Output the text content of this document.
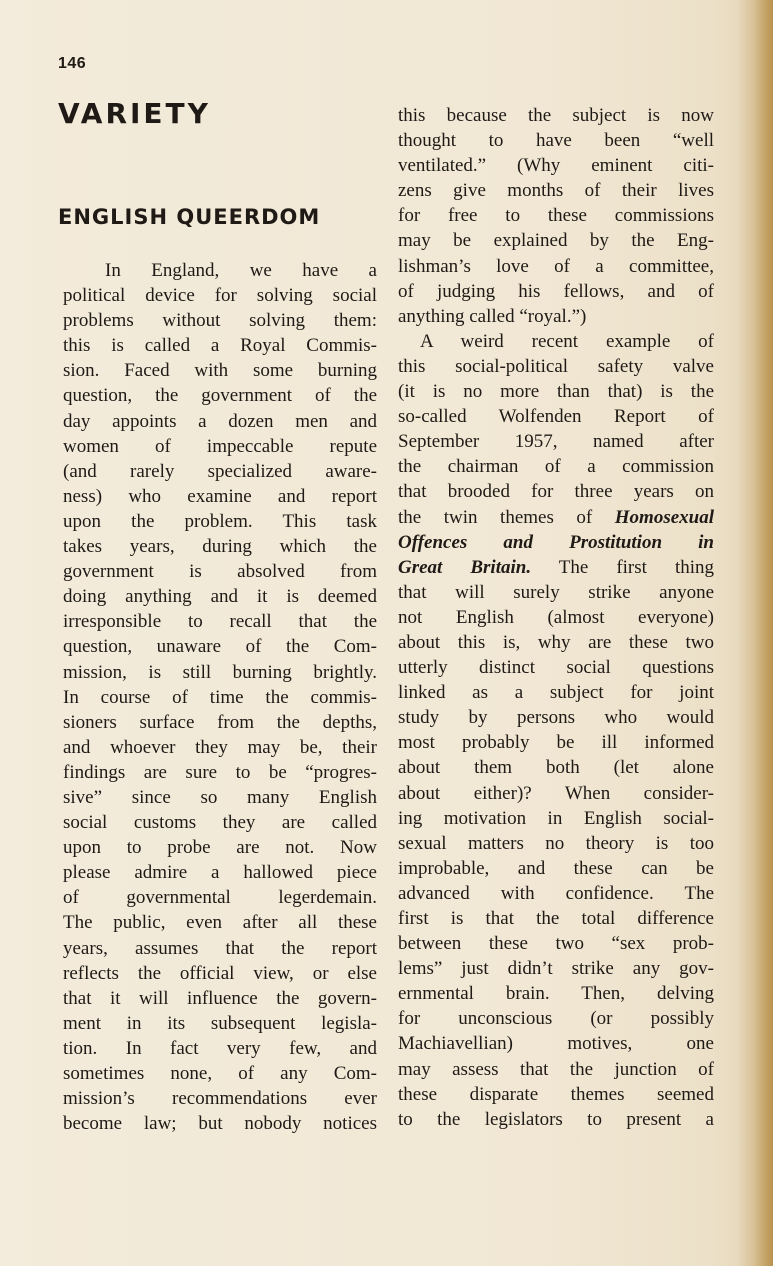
146
VARIETY
ENGLISH QUEERDOM

In England, we have a

political device for solving social

problems without solving them:

this is called a Royal Commis-

sion. Faced with some burning

question, the government of the

day appoints a dozen men and

women of impeccable repute

(and rarely specialized aware-

ness) who examine and report

upon the problem. This task

takes years, during which the

government is absolved from

doing anything and it is deemed

irresponsible to recall that the

question, unaware of the Com-

mission, is still burning brightly.

In course of time the commis-

sioners surface from the depths,

and whoever they may be, their

findings are sure to be “progres-

sive” since so many English

social customs they are called

upon to probe are not. Now

please admire a hallowed piece

of governmental legerdemain.

The public, even after all these

years, assumes that the report

reflects the official view, or else

that it will influence the govern-

ment in its subsequent legisla-

tion. In fact very few, and

sometimes none, of any Com-

mission’s recommendations ever

become law; but nobody notices

this because the subject is now

thought to have been “well

ventilated.” (Why eminent citi-

zens give months of their lives

for free to these commissions

may be explained by the Eng-

lishman’s love of a committee,

of judging his fellows, and of

anything called “royal.”)

A weird recent example of

this social-political safety valve

(it is no more than that) is the

so-called Wolfenden Report of

September 1957, named after

the chairman of a commission

that brooded for three years on

the twin themes of Homosexual

Offences and Prostitution in

Great Britain. The first thing

that will surely strike anyone

not English (almost everyone)

about this is, why are these two

utterly distinct social questions

linked as a subject for joint

study by persons who would

most probably be ill informed

about them both (let alone

about either)? When consider-

ing motivation in English social-

sexual matters no theory is too

improbable, and these can be

advanced with confidence. The

first is that the total difference

between these two “sex prob-

lems” just didn’t strike any gov-

ernmental brain. Then, delving

for unconscious (or possibly

Machiavellian) motives, one

may assess that the junction of

these disparate themes seemed

to the legislators to present a
